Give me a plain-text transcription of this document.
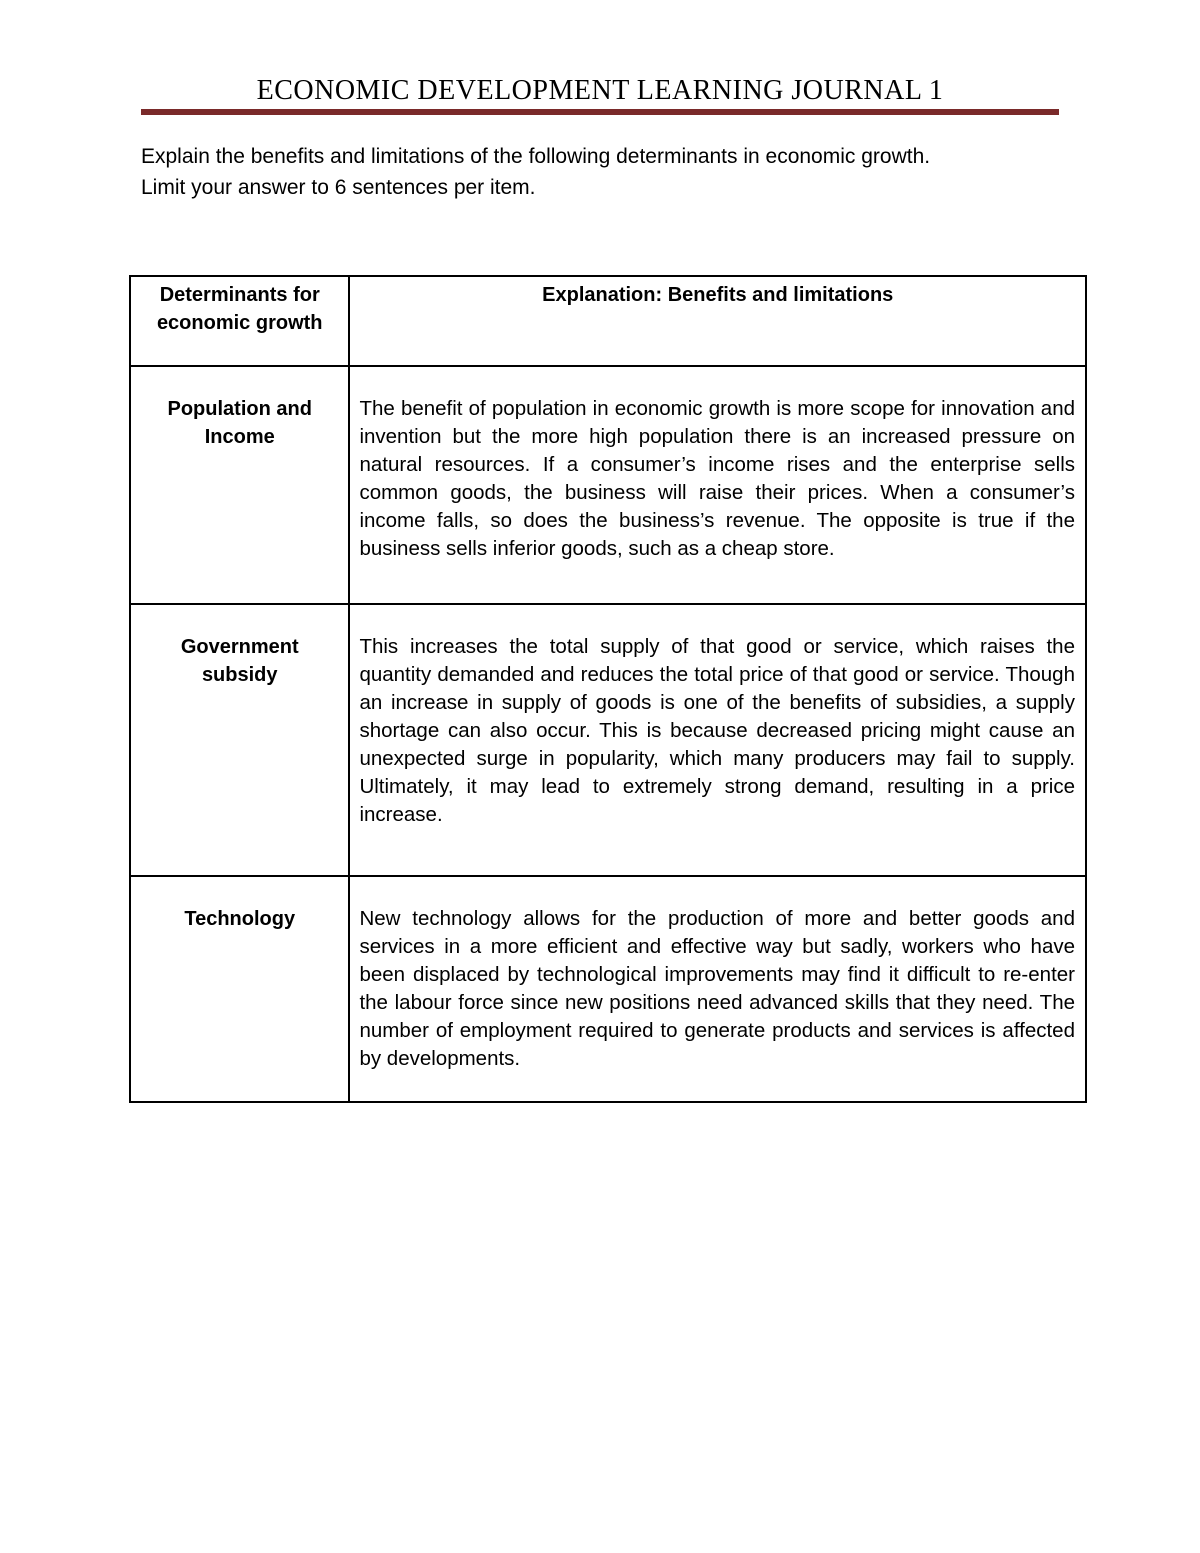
ECONOMIC DEVELOPMENT LEARNING JOURNAL 1

Explain the benefits and limitations of the following determinants in economic growth.

Limit your answer to 6 sentences per item.

Determinants for economic growth	Explanation: Benefits and limitations
Population and Income	The benefit of population in economic growth is more scope for innovation and invention but the more high population there is an increased pressure on natural resources. If a consumer’s income rises and the enterprise sells common goods, the business will raise their prices. When a consumer’s income falls, so does the business’s revenue. The opposite is true if the business sells inferior goods, such as a cheap store.
Government subsidy	This increases the total supply of that good or service, which raises the quantity demanded and reduces the total price of that good or service. Though an increase in supply of goods is one of the benefits of subsidies, a supply shortage can also occur. This is because decreased pricing might cause an unexpected surge in popularity, which many producers may fail to supply. Ultimately, it may lead to extremely strong demand, resulting in a price increase.
Technology	New technology allows for the production of more and better goods and services in a more efficient and effective way but sadly, workers who have been displaced by technological improvements may find it difficult to re-enter the labour force since new positions need advanced skills that they need. The number of employment required to generate products and services is affected by developments.
